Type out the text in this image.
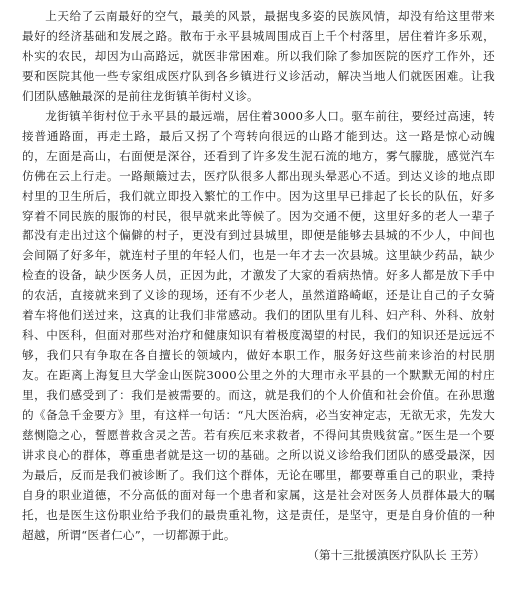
上天给了云南最好的空气，最美的风景，最据曳多姿的民族风情，却没有给这里带来最好的经济基础和发展之路。散布于永平县城周围成百上千个村落里，居住着许多乐观，朴实的农民，却因为山高路远，就医非常困难。所以我们除了参加医院的医疗工作外，还要和医院其他一些专家组成医疗队到各乡镇进行义诊活动，解决当地人们就医困难。让我们团队感触最深的是前往龙街镇羊街村义诊。

龙街镇羊街村位于永平县的最远端，居住着3000多人口。驱车前往，要经过高速，转接普通路面，再走土路，最后又拐了个弯转向很远的山路才能到达。这一路是惊心动魄的，左面是高山，右面便是深谷，还看到了许多发生泥石流的地方，雾气朦胧，感觉汽车仿佛在云上行走。一路颠簸过去，医疗队很多人都出现头晕恶心不适。到达义诊的地点即村里的卫生所后，我们就立即投入繁忙的工作中。因为这里早已排起了长长的队伍，好多穿着不同民族的服饰的村民，很早就来此等候了。因为交通不便，这里好多的老人一辈子都没有走出过这个偏僻的村子，更没有到过县城里，即便是能够去县城的不少人，中间也会间隔了好多年，就连村子里的年轻人们，也是一年才去一次县城。这里缺少药品，缺少检查的设备，缺少医务人员，正因为此，才激发了大家的看病热情。好多人都是放下手中的农活，直接就来到了义诊的现场，还有不少老人，虽然道路崎岖，还是让自己的子女骑着车将他们送过来，这真的让我们非常感动。我们的团队里有儿科、妇产科、外科、放射科、中医科，但面对那些对治疗和健康知识有着极度渴望的村民，我们的知识还是远远不够，我们只有争取在各自擅长的领域内，做好本职工作，服务好这些前来诊治的村民朋友。在距离上海复旦大学金山医院3000公里之外的大理市永平县的一个默默无闻的村庄里，我们感受到了：我们是被需要的。而这，就是我们的个人价值和社会价值。在孙思邈的《备急千金要方》里，有这样一句话：“凡大医治病，必当安神定志，无欲无求，先发大慈恻隐之心，誓愿普救含灵之苦。若有疾厄来求救者，不得问其贵贱贫富。”医生是一个要讲求良心的群体，尊重患者就是这一切的基础。之所以说义诊给我们团队的感受最深，因为最后，反而是我们被诊断了。我们这个群体，无论在哪里，都要尊重自己的职业，秉持自身的职业道德，不分高低的面对每一个患者和家属，这是社会对医务人员群体最大的嘱托，也是医生这份职业给予我们的最贵重礼物，这是责任，是坚守，更是自身价值的一种超越，所谓“医者仁心”，一切都源于此。

（第十三批援滇医疗队队长 王芳）
